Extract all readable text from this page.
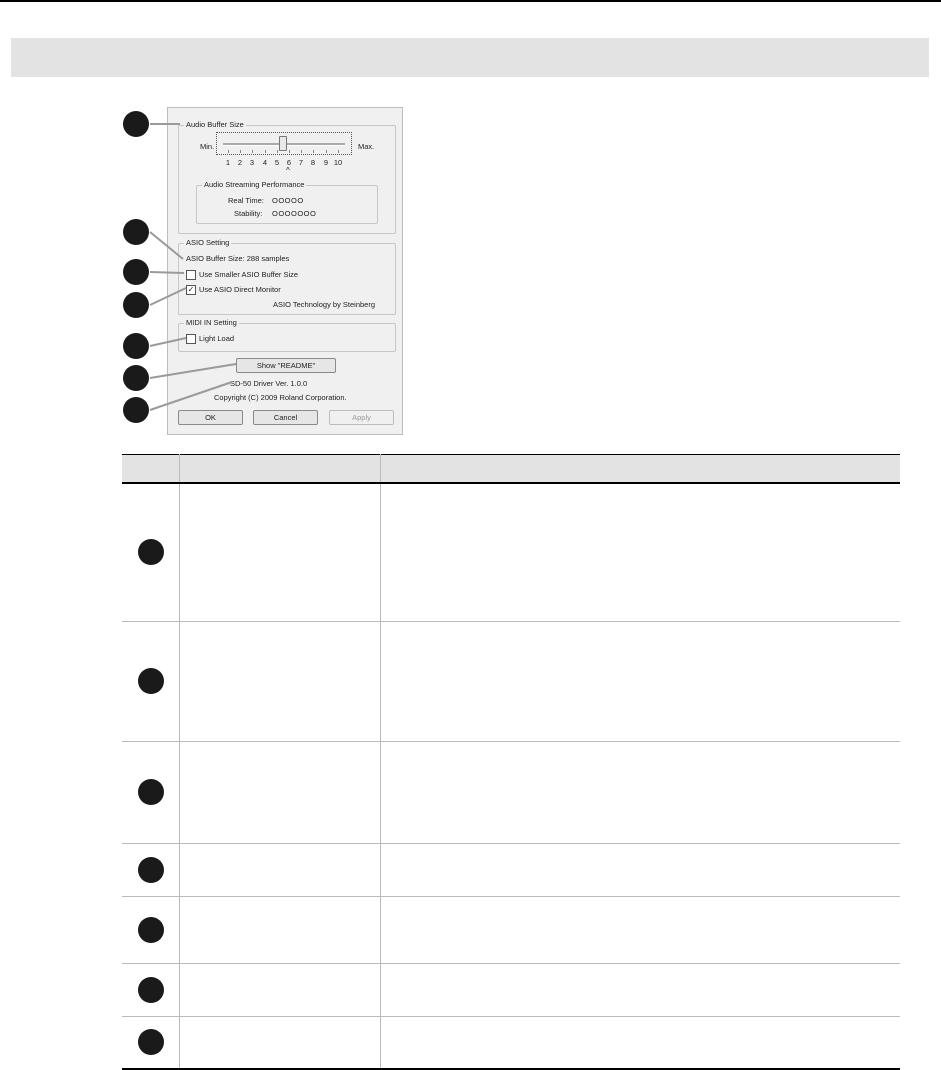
Audio Buffer Size
Min.	Max.
1	2	3	4	5	6	7	8	9 10
^
Audio Streaming Performance
Real Time: OOOOO
Stability: OOOOOOO
ASIO Setting
ASIO Buffer Size: 288 samples
Use Smaller ASIO Buffer Size
✓ Use ASIO Direct Monitor
ASIO Technology by Steinberg
MIDI IN Setting
Light Load
Show "README"
SD-50 Driver Ver. 1.0.0
Copyright (C) 2009 Roland Corporation.
OK	Cancel	Apply
